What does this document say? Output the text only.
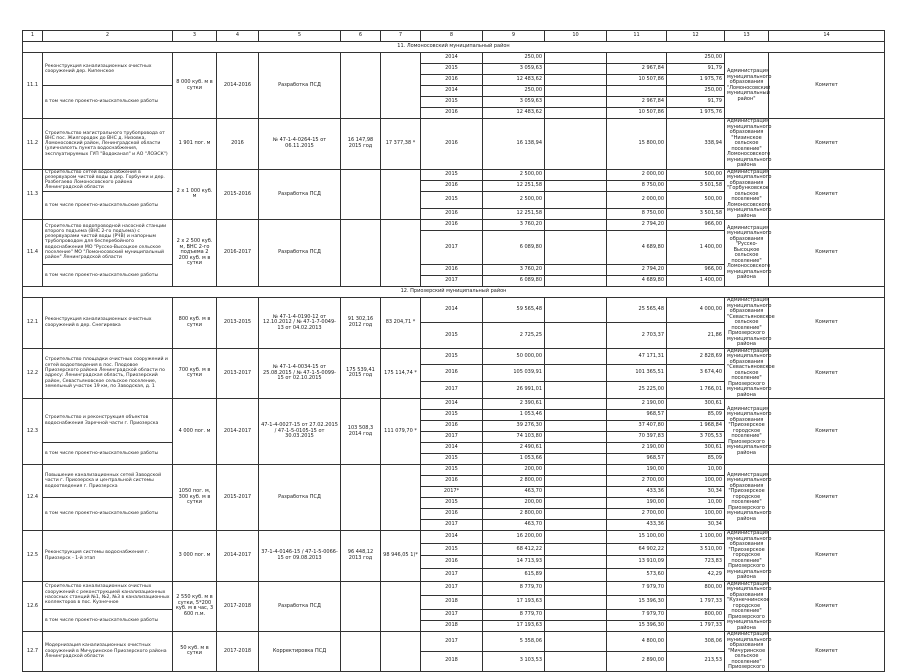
1	2	3	4	5	6	7	8	9	10	11	12	13	14
11. Ломоносовский муниципальный район													
11.1	Реконструкция канализационных очистных сооружений дер. Кипенское	8 000 куб. м в сутки	2014-2016	Разработка ПСД			2014	250,00			250,00	Администрация муниципального образования "Ломоносовский муниципальный район"	Комитет
							2015	3 059,63		2 967,84	91,79		
							2016	12 483,62		10 507,86	1 975,76		
	в том числе проектно-изыскательские работы						2014	250,00			250,00		
							2015	3 059,63		2 967,84	91,79		
							2016	12 483,62		10 507,86	1 975,76		
11.2	Строительство магистрального трубопровода от ВНС пос. Жилгородок до ВНС д. Низовка, Ломоносовский район, Ленинградской области (уличнаясеть пункта водоснабжения, эксплуатируемых ГУП "Водоканал" и АО "ЛОЭСК")	1 901 пог. м	2016	№ 47-1-4-0264-15 от 06.11.2015	16 147,98 2015 год	17 377,38 *	2016	16 138,94		15 800,00	338,94	Администрация муниципального образования "Низинское сельское поселение" Ломоносовского муниципального района	Комитет
11.3	Строительство сетей водоснабжения в резервуаром чистой воды в дер. Горбунки и дер. Разбегаево Ломоносовского района Ленинградской области	2 x 1 000 куб. м	2015-2016	Разработка ПСД			2015	2 500,00		2 000,00	500,00	Администрация муниципального образования "Горбунковское сельское поселение" Ломоносовского муниципального района	Комитет
							2016	12 251,58		8 750,00	3 501,58		
	в том числе проектно-изыскательские работы						2015	2 500,00		2 000,00	500,00		
							2016	12 251,58		8 750,00	3 501,58		
11.4	Строительство водопроводной насосной станции второго подъема (ВНС 2-го подъема) с резервуарами чистой воды (РЧВ) и напорным трубопроводом для бесперебойного водоснабжения МО "Русско-Высоцкое сельское поселение" МО "Ломоносовский муниципальный район" Ленинградской области	2 x 2 500 куб. м, ВНС 2-го подъема 2 200 куб. м в сутки	2016-2017	Разработка ПСД			2016	3 760,20		2 794,20	966,00	Администрация муниципального образования "Русско-Высоцкое сельское поселение" Ломоносовского муниципального района	Комитет
							2017	6 089,80		4 689,80	1 400,00		
	в том числе проектно-изыскательские работы						2016	3 760,20		2 794,20	966,00		
							2017	6 089,80		4 689,80	1 400,00		
12. Приозерский муниципальный район													
12.1	Реконструкция канализационных очистных сооружений в дер. Снегиревка	800 куб. м в сутки	2013-2015	№ 47-1-4-0190-12 от 12.10.2012 / № 47-1-7-0049-13 от 04.02.2013	91 302,16 2012 год	83 204,71 *	2014	59 565,48		25 565,48	4 000,00	Администрация муниципального образования "Севастьяновское сельское поселение" Приозерского муниципального района	Комитет
							2015	2 725,25		2 703,37	21,86		
12.2	Строительство площадки очистных сооружений и сетей водоотведения в пос. Плодовое Приозерского района Ленинградской области по адресу: Ленинградская область, Приозерский район, Севастьяновское сельское поселение, земельный участок 19 км, по Заводская, д. 1	700 куб. м в сутки	2013-2017	№ 47-1-4-0034-15 от 25.08.2015 / № 47-1-5-0099-15 от 02.10.2015	175 539,41 2015 год	175 114,74 *	2015	50 000,00		47 171,31	2 828,69	Администрация муниципального образования "Севастьяновское сельское поселение" Приозерского муниципального района	Комитет
							2016	105 039,91		101 365,51	3 674,40		
							2017	26 991,01		25 225,00	1 766,01		
12.3	Строительство и реконструкция объектов водоснабжения Заречной части г. Приозерска	4 000 пог. м	2014-2017	47-1-4-0027-15 от 27.02.2015 / 47-1-5-0105-15 от 30.03.2015	103 508,3 2014 год	111 079,70 *	2014	2 390,61		2 190,00	300,61	Администрация муниципального образования "Приозерское городское поселение" Приозерского муниципального района	Комитет
							2015	1 053,46		968,57	85,09		
							2016	39 276,30		37 407,80	1 968,84		
							2017	74 103,80		70 397,83	3 705,53		
	в том числе проектно-изыскательские работы						2014	2 490,61		2 190,00	300,61		
							2015	1 053,66		968,57	85,09		
12.4	Повышение канализационных сетей Заводской части г. Приозерска и центральной системы водоотведения г. Приозерска	1050 пог. м, 300 куб. м в сутки	2015-2017	Разработка ПСД			2015	200,00		190,00	10,00	Администрация муниципального образования "Приозерское городское поселение" Приозерского муниципального района	Комитет
							2016	2 800,00		2 700,00	100,00		
							2017*	463,70		433,36	30,34		
	в том числе проектно-изыскательские работы						2015	200,00		190,00	10,00		
							2016	2 800,00		2 700,00	100,00		
							2017	463,70		433,36	30,34		
12.5	Реконструкция системы водоснабжения г. Приозерск - 1-й этап	3 000 пог. м	2014-2017	37-1-4-0146-15 / 47-1-5-0066-15 от 09.08.2013	96 448,12 2013 год	98 946,05 1)*	2014	16 200,00		15 100,00	1 100,00	Администрация муниципального образования "Приозерское городское поселение" Приозерского муниципального района	Комитет
							2015	68 412,22		64 902,22	3 510,00		
							2016	14 713,93		13 910,09	723,83		
							2017	615,89		573,60	42,29		
12.6	Строительство канализационных очистных сооружений с реконструкцией канализационных насосных станций №1, №2, №3 в канализационных коллекторов в пос. Кузнечное	2 550 куб. м в сутки, 5*200 куб. м в час, 3 600 п.м.	2017-2018	Разработка ПСД			2017	8 779,70		7 979,70	800,00	Администрация муниципального образования "Кузнечнинское городское поселение" Приозерского муниципального района	Комитет
							2018	17 193,63		15 396,30	1 797,33		
	в том числе проектно-изыскательские работы						2017	8 779,70		7 979,70	800,00		
							2018	17 193,63		15 396,30	1 797,33		
12.7	Модернизация канализационных очистных сооружений в Мичуринское Приозерского района Ленинградской области	50 куб. м в сутки	2017-2018	Корректировка ПСД			2017	5 358,06		4 800,00	308,06	Администрация муниципального образования "Мичуринское сельское поселение" Приозерского	Комитет
							2018	3 103,53		2 890,00	213,53		
